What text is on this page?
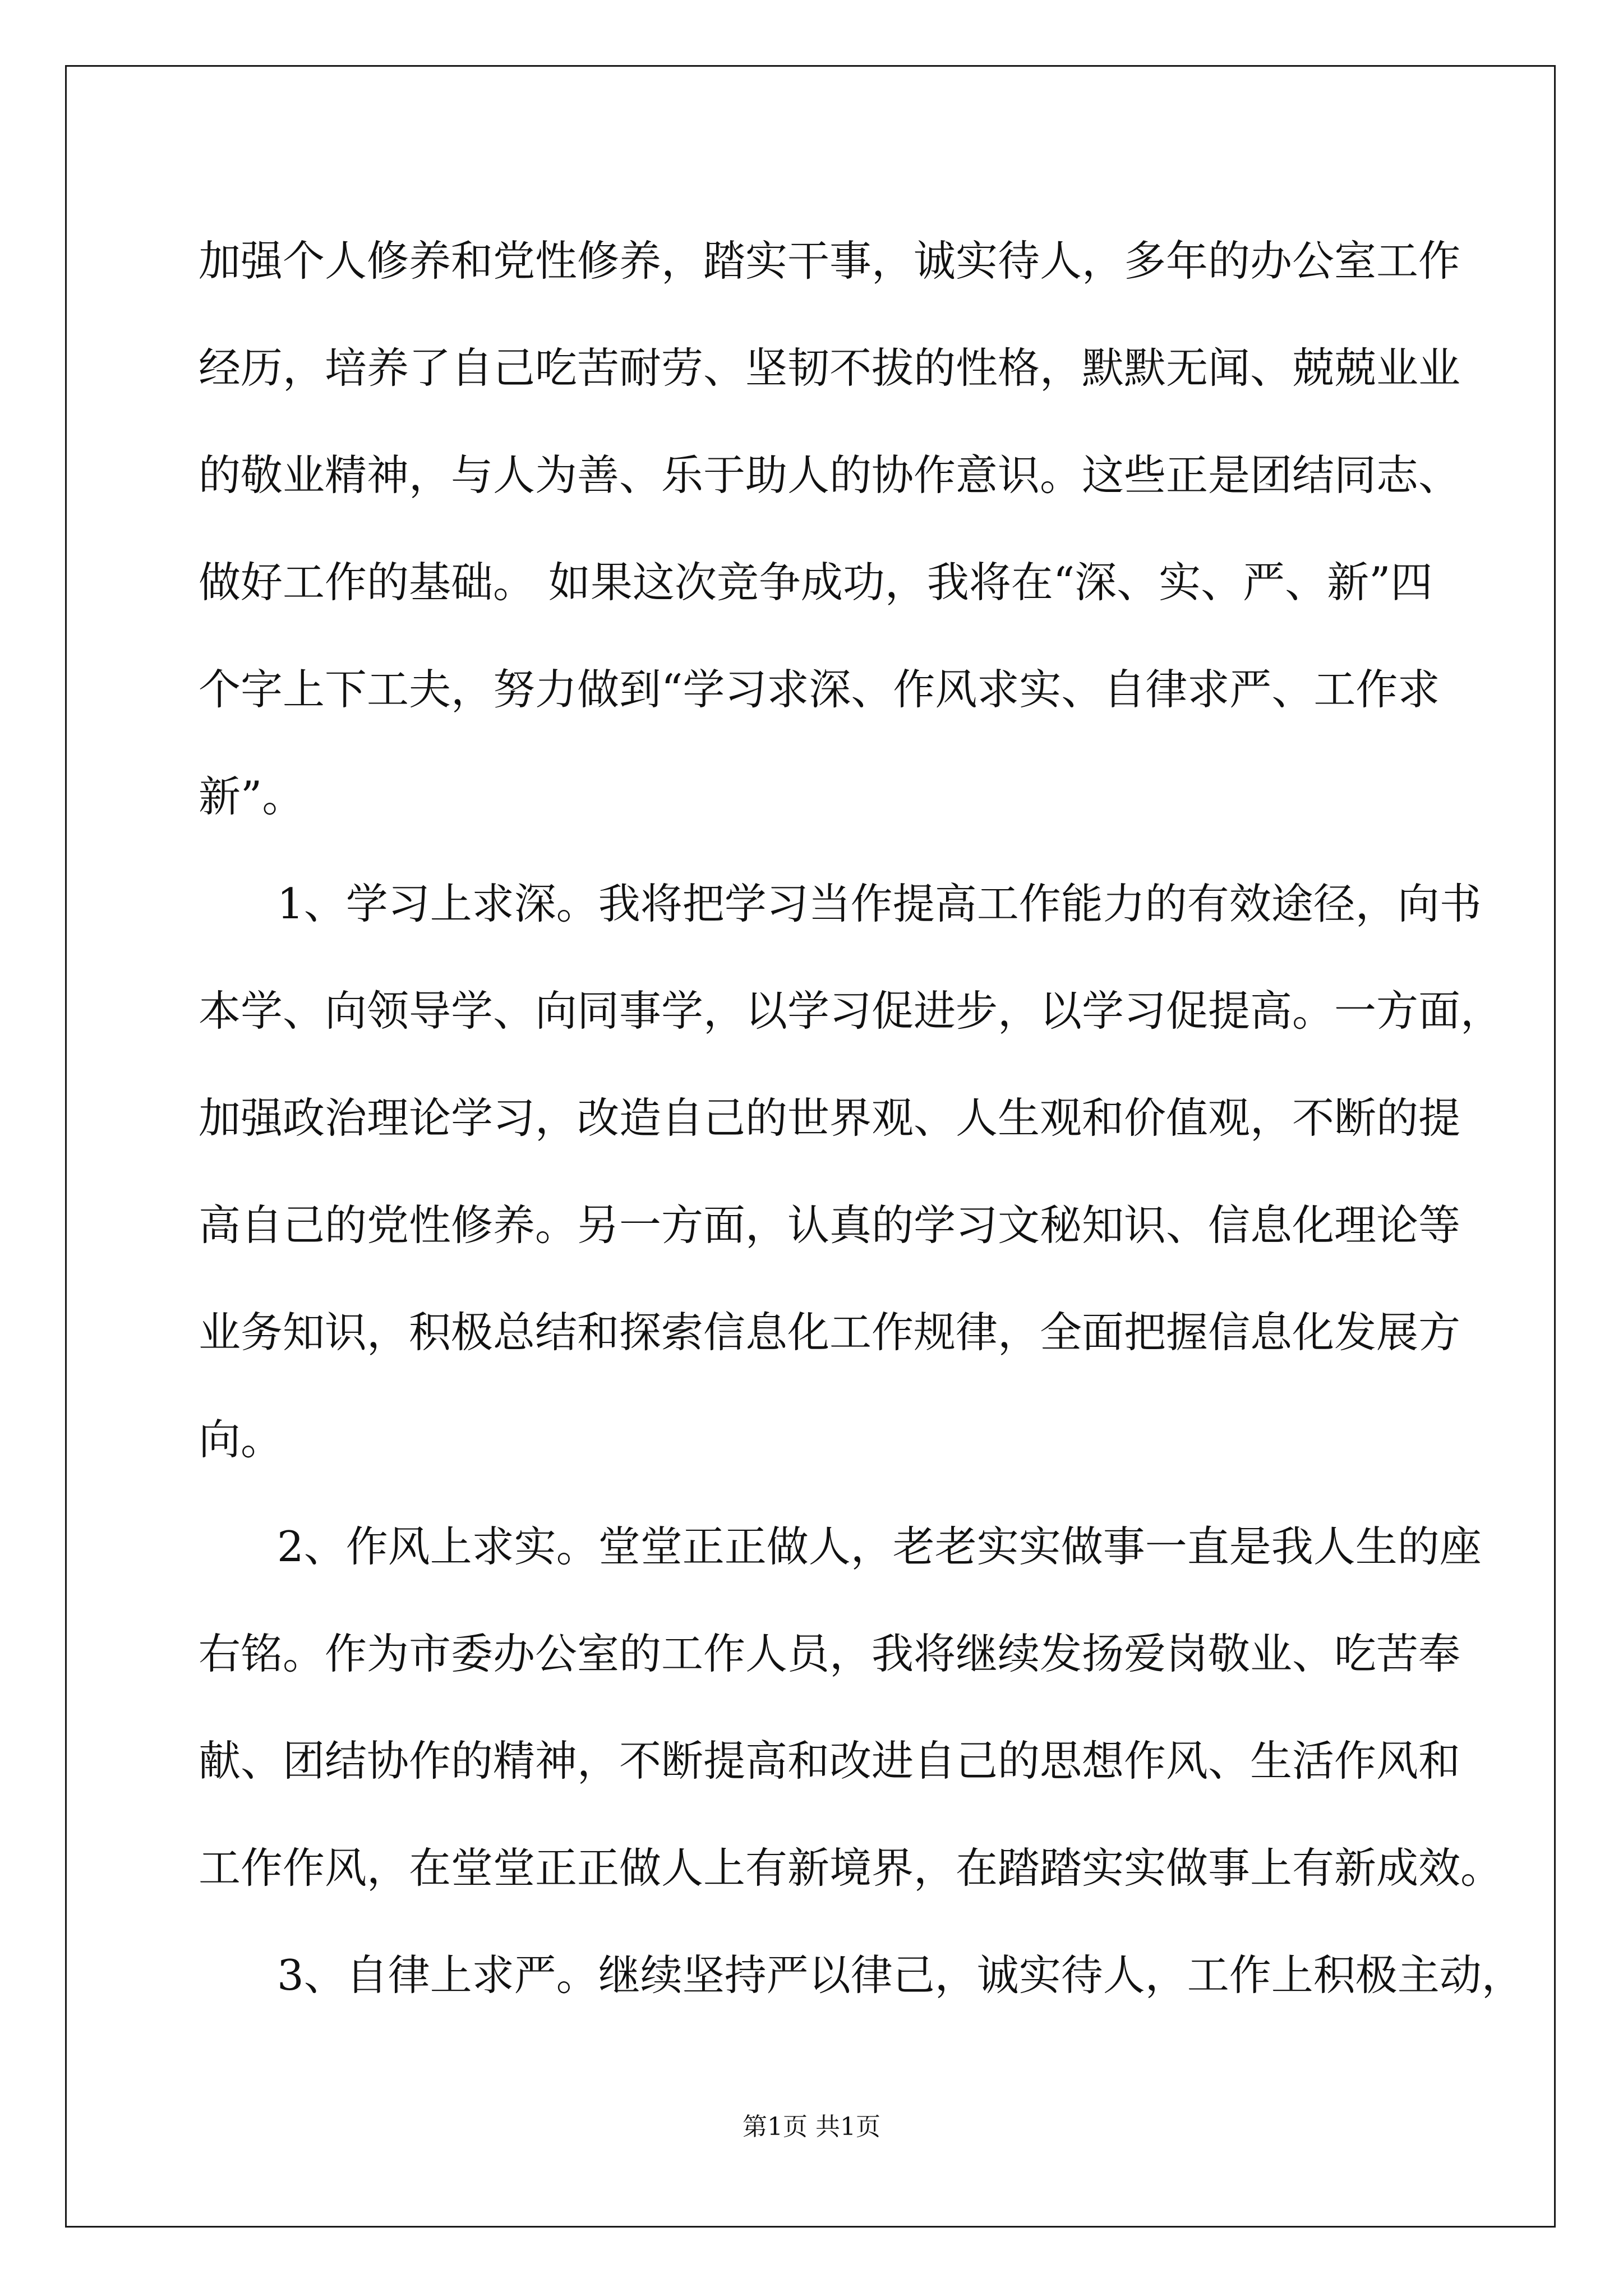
加强个人修养和党性修养，踏实干事，诚实待人，多年的办公室工作
经历，培养了自己吃苦耐劳、坚韧不拔的性格，默默无闻、兢兢业业
的敬业精神，与人为善、乐于助人的协作意识。这些正是团结同志、
做好工作的基础。 如果这次竞争成功，我将在“深、实、严、新”四
个字上下工夫，努力做到“学习求深、作风求实、自律求严、工作求
新”。
1、学习上求深。我将把学习当作提高工作能力的有效途径，向书
本学、向领导学、向同事学，以学习促进步，以学习促提高。一方面，
加强政治理论学习，改造自己的世界观、人生观和价值观，不断的提
高自己的党性修养。另一方面，认真的学习文秘知识、信息化理论等
业务知识，积极总结和探索信息化工作规律，全面把握信息化发展方
向。
2、作风上求实。堂堂正正做人，老老实实做事一直是我人生的座
右铭。作为市委办公室的工作人员，我将继续发扬爱岗敬业、吃苦奉
献、团结协作的精神，不断提高和改进自己的思想作风、生活作风和
工作作风，在堂堂正正做人上有新境界，在踏踏实实做事上有新成效。
3、自律上求严。继续坚持严以律己，诚实待人，工作上积极主动，
第1页 共1页
